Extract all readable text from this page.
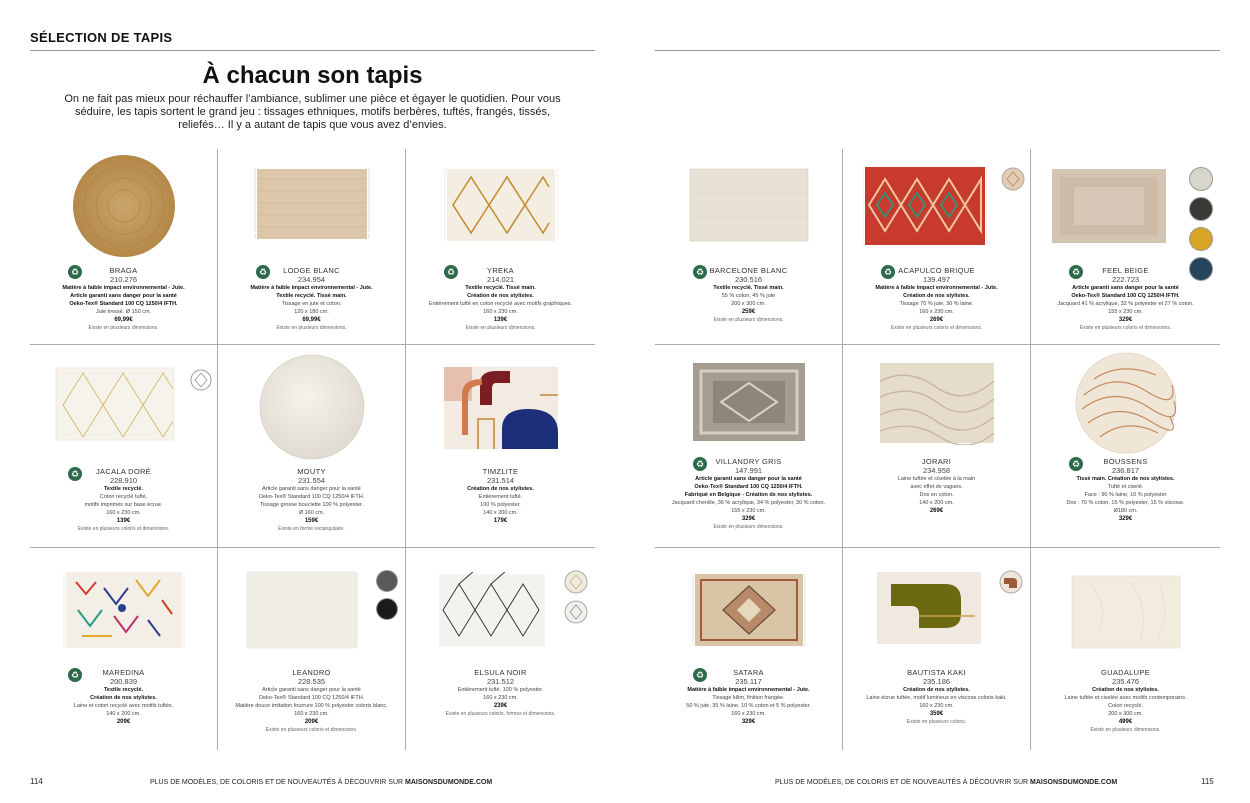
SÉLECTION DE TAPIS
À chacun son tapis
On ne fait pas mieux pour réchauffer l’ambiance, sublimer une pièce et égayer le quotidien. Pour vous séduire, les tapis sortent le grand jeu : tissages ethniques, motifs berbères, tuftés, frangés, tissés, reliefés… Il y a autant de tapis que vous avez d’envies.
♻	BRAGA
210.276
Matière à faible impact environnemental - Jute.
Article garanti sans danger pour la santé
Oeko-Tex® Standard 100 CQ 1250/4 IFTH.
Jute tressé. Ø 150 cm.
69,99€
Existe en plusieurs dimensions.
♻	LODGE BLANC
234.954
Matière à faible impact environnemental - Jute.
Textile recyclé. Tissé main.
Tissage en jute et coton.
120 x 180 cm.
69,99€
Existe en plusieurs dimensions.
♻	YREKA
214.021
Textile recyclé. Tissé main.
Création de nos stylistes.
Entièrement tufté en coton recyclé avec motifs graphiques.
160 x 230 cm.
139€
Existe en plusieurs dimensions.
♻	JACALA DORÉ
228.910
Textile recyclé.
Coton recyclé tufté,
motifs imprimés sur base écrue.
160 x 230 cm.
139€
Existe en plusieurs coloris et dimensions.
MOUTY
231.554
Article garanti sans danger pour la santé
Oeko-Tex® Standard 100 CQ 1250/4 IFTH.
Tissage grosse bouclette 100 % polyester.
Ø 160 cm.
159€
Existe en forme rectangulaire.
TIMZLITE
231.514
Création de nos stylistes.
Entièrement tufté.
100 % polyester.
140 x 200 cm.
179€
♻	MAREDINA
200.839
Textile recyclé.
Création de nos stylistes.
Laine et coton recyclé avec motifs tuftés.
140 x 200 cm.
209€
LEANDRO
228.535
Article garanti sans danger pour la santé
Oeko-Tex® Standard 100 CQ 1250/4 IFTH.
Matière douce imitation fourrure 100 % polyester coloris blanc.
160 x 230 cm.
209€
Existe en plusieurs coloris et dimensions.
ELSULA NOIR
231.512
Entièrement tufté. 100 % polyester.
160 x 230 cm.
239€
Existe en plusieurs coloris, formes et dimensions.
114	PLUS DE MODÈLES, DE COLORIS ET DE NOUVEAUTÉS À DÉCOUVRIR SUR MAISONSDUMONDE.COM
♻ BARCELONE BLANC
230.516
Textile recyclé. Tissé main.
55 % coton, 45 % jute
200 x 300 cm.
259€
Existe en plusieurs dimensions.
♻ ACAPULCO BRIQUE
139.497
Matière à faible impact environnemental - Jute.
Création de nos stylistes.
Tissage 70 % jute, 30 % laine.
160 x 230 cm.
269€
Existe en plusieurs coloris et dimensions.
♻	FEEL BEIGE
222.723
Article garanti sans danger pour la santé
Oeko-Tex® Standard 100 CQ 1250/4 IFTH.
Jacquard 41 % acrylique, 32 % polyester et 27 % coton.
155 x 230 cm.
329€
Existe en plusieurs coloris et dimensions.
♻	VILLANDRY GRIS
147.991
Article garanti sans danger pour la santé
Oeko-Tex® Standard 100 CQ 1250/4 IFTH.
Fabriqué en Belgique - Création de nos stylistes.
Jacquard chenille, 36 % acrylique, 34 % polyester, 30 % coton.
155 x 230 cm.
329€
Existe en plusieurs dimensions.
JORARI
234.958
Laine tuftée et ciselée à la main
avec effet de vagues.
Dos en coton.
140 x 200 cm.
269€
♻	BOUSSENS
236.817
Tissé main. Création de nos stylistes.
Tufté et ciselé.
Face : 90 % laine, 10 % polyester
Dos : 70 % coton, 15 % polyester, 15 % viscose.
Ø180 cm.
329€
♻	SATARA
235.117
Matière à faible impact environnemental - Jute.
Tissage kilim, finition frangée.
50 % jute, 35 % laine, 10 % coton et 5 % polyester.
160 x 230 cm.
329€
BAUTISTA KAKI
235.186
Création de nos stylistes.
Laine écrue tuftée, motif lumineux en viscose coloris kaki.
160 x 230 cm.
359€
Existe en plusieurs coloris.
GUADALUPE
235.476
Création de nos stylistes.
Laine tuftée et ciselée avec motifs contemporains.
Colon recyclé.
200 x 300 cm.
499€
Existe en plusieurs dimensions.
PLUS DE MODÈLES, DE COLORIS ET DE NOUVEAUTÉS À DÉCOUVRIR SUR MAISONSDUMONDE.COM	115
